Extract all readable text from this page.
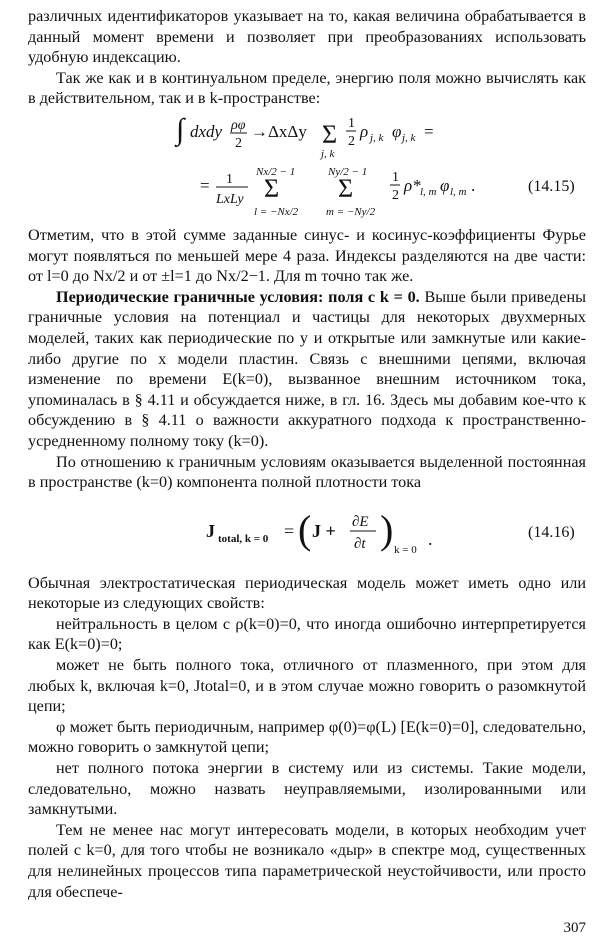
различных идентификаторов указывает на то, какая величина обрабатывается в данный момент времени и позволяет при преобразованиях использовать удобную индексацию.

Так же как и в континуальном пределе, энергию поля можно вычислять как в действительном, так и в k-пространстве:

∫ dxdy ρφ
2
→ΔxΔy Σ
j, k
1
2
ρ j, k φ j, k =
= 1
LxLy
Nx/2 − 1
Σ
l = −Nx/2
Ny/2 − 1
Σ
m = −Ny/2
1
2
ρ* l, m φ l, m .	(14.15)

Отметим, что в этой сумме заданные синус- и косинус-коэффициенты Фурье могут появляться по меньшей мере 4 раза. Индексы разделяются на две части: от l=0 до Nx/2 и от ±l=1 до Nx/2−1. Для m точно так же.

Периодические граничные условия: поля с k = 0. Выше были приведены граничные условия на потенциал и частицы для некоторых двухмерных моделей, таких как периодические по y и открытые или замкнутые или какие-либо другие по x модели пластин. Связь с внешними цепями, включая изменение по времени E(k=0), вызванное внешним источником тока, упоминалась в § 4.11 и обсуждается ниже, в гл. 16. Здесь мы добавим кое-что к обсуждению в § 4.11 о важности аккуратного подхода к пространственно-усредненному полному току (k=0).

По отношению к граничным условиям оказывается выделенной постоянная в пространстве (k=0) компонента полной плотности тока

J total, k = 0 = ( J + ∂E
∂t ) k = 0
.	(14.16)

Обычная электростатическая периодическая модель может иметь одно или некоторые из следующих свойств:

нейтральность в целом с ρ(k=0)=0, что иногда ошибочно интерпретируется как E(k=0)=0;

может не быть полного тока, отличного от плазменного, при этом для любых k, включая k=0, Jtotal=0, и в этом случае можно говорить о разомкнутой цепи;

φ может быть периодичным, например φ(0)=φ(L) [E(k=0)=0], следовательно, можно говорить о замкнутой цепи;

нет полного потока энергии в систему или из системы. Такие модели, следовательно, можно назвать неуправляемыми, изолированными или замкнутыми.

Тем не менее нас могут интересовать модели, в которых необходим учет полей с k=0, для того чтобы не возникало «дыр» в спектре мод, существенных для нелинейных процессов типа параметрической неустойчивости, или просто для обеспече-

307
